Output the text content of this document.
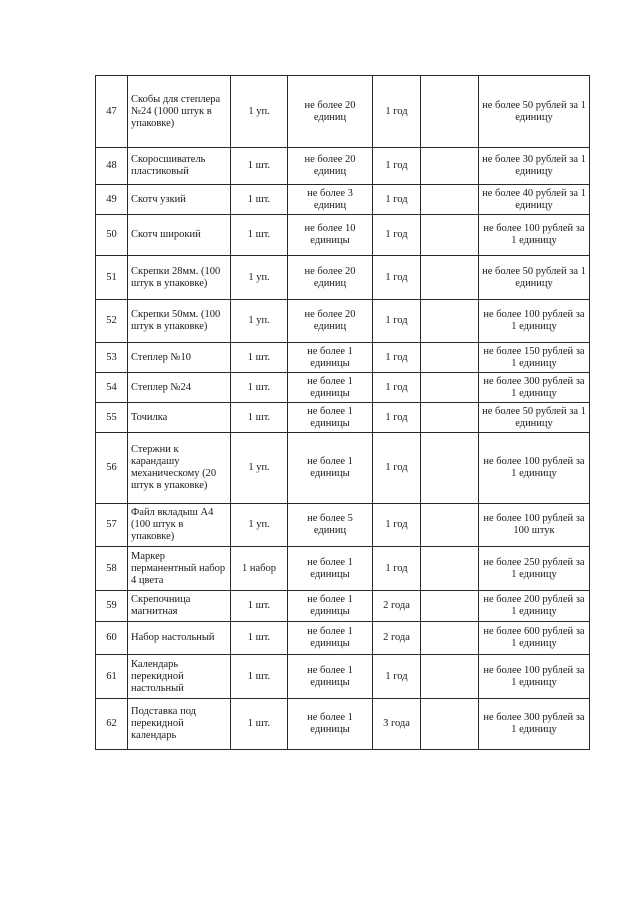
47	Скобы для степлера №24 (1000 штук в упаковке)	1 уп.	не более 20 единиц	1 год		не более 50 рублей за 1 единицу
48	Скоросшиватель пластиковый	1 шт.	не более 20 единиц	1 год		не более 30 рублей за 1 единицу
49	Скотч узкий	1 шт.	не более 3 единиц	1 год		не более 40 рублей за 1 единицу
50	Скотч широкий	1 шт.	не более 10 единицы	1 год		не более 100 рублей за 1 единицу
51	Скрепки 28мм. (100 штук в упаковке)	1 уп.	не более 20 единиц	1 год		не более 50 рублей за 1 единицу
52	Скрепки 50мм. (100 штук в упаковке)	1 уп.	не более 20 единиц	1 год		не более 100 рублей за 1 единицу
53	Степлер №10	1 шт.	не более 1 единицы	1 год		не более 150 рублей за 1 единицу
54	Степлер №24	1 шт.	не более 1 единицы	1 год		не более 300 рублей за 1 единицу
55	Точилка	1 шт.	не более 1 единицы	1 год		не более 50 рублей за 1 единицу
56	Стержни к карандашу механическому (20 штук в упаковке)	1 уп.	не более 1 единицы	1 год		не более 100 рублей за 1 единицу
57	Файл вкладыш А4 (100 штук в упаковке)	1 уп.	не более 5 единиц	1 год		не более 100 рублей за 100 штук
58	Маркер перманентный набор 4 цвета	1 набор	не более 1 единицы	1 год		не более 250 рублей за 1 единицу
59	Скрепочница магнитная	1 шт.	не более 1 единицы	2 года		не более 200 рублей за 1 единицу
60	Набор настольный	1 шт.	не более 1 единицы	2 года		не более 600 рублей за 1 единицу
61	Календарь перекидной настольный	1 шт.	не более 1 единицы	1 год		не более 100 рублей за 1 единицу
62	Подставка под перекидной календарь	1 шт.	не более 1 единицы	3 года		не более 300 рублей за 1 единицу
